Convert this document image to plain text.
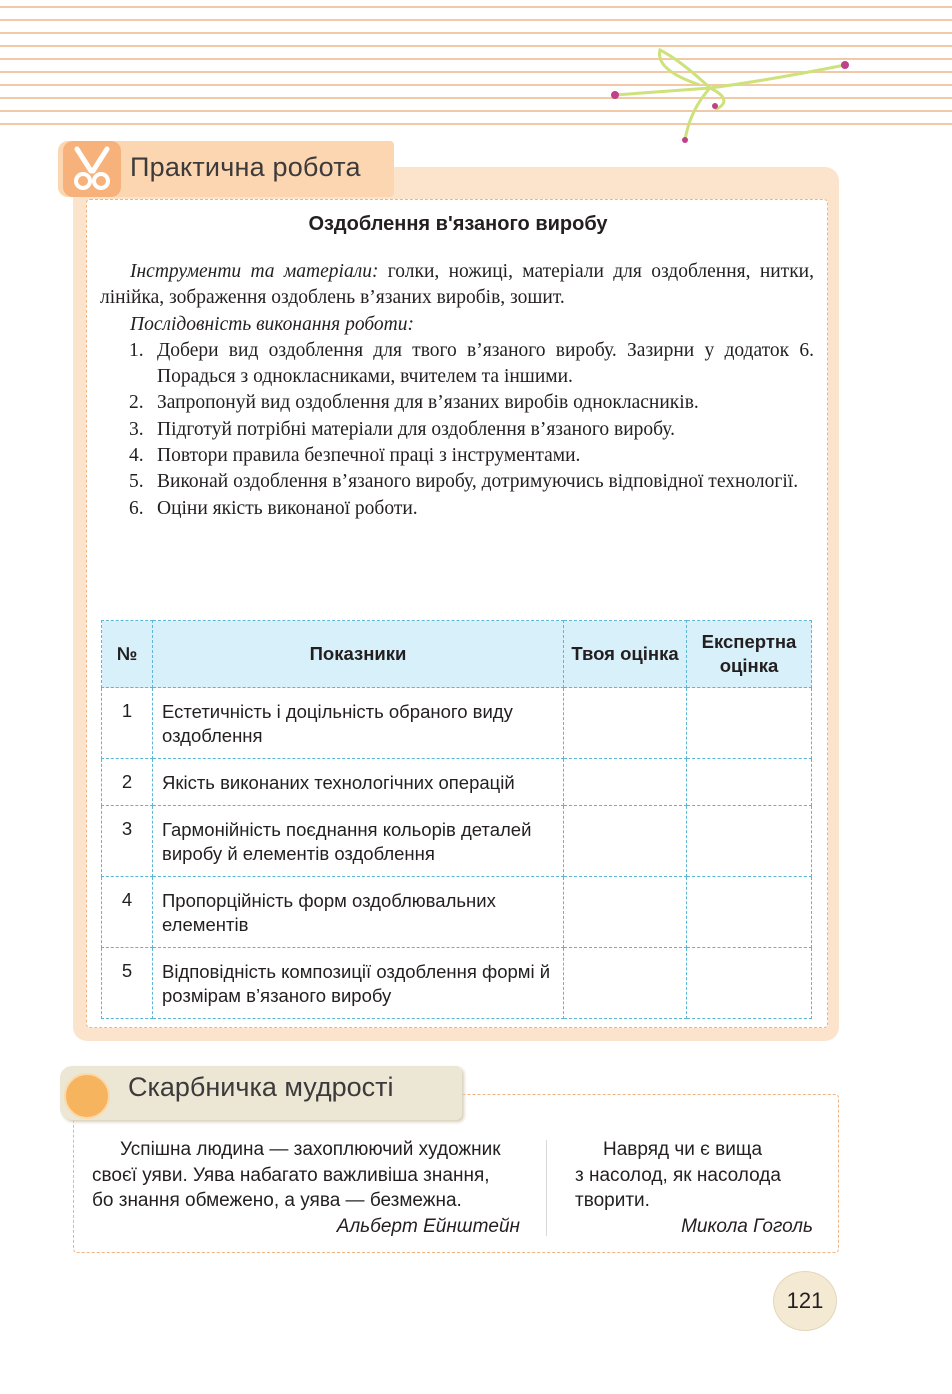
Практична робота
Оздоблення в'язаного виробу

Інструменти та матеріали: голки, ножиці, матеріали для оздоблення, нитки, лінійка, зображення оздоблень в’язаних виробів, зошит.

Послідовність виконання роботи:

1. Добери вид оздоблення для твого в’язаного виробу. Зазирни у додаток 6. Порадься з однокласниками, вчителем та іншими.
2. Запропонуй вид оздоблення для в’язаних виробів однокласників.
3. Підготуй потрібні матеріали для оздоблення в’язаного виробу.
4. Повтори правила безпечної праці з інструментами.
5. Виконай оздоблення в’язаного виробу, дотримуючись відповідної технології.
6. Оціни якість виконаної роботи.
№	Показники	Твоя оцінка	Експертна оцінка
1	Естетичність і доцільність обраного виду оздоблення		
2	Якість виконаних технологічних операцій		
3	Гармонійність поєднання кольорів деталей виробу й елементів оздоблення		
4	Пропорційність форм оздоблювальних елементів		
5	Відповідність композиції оздоблення формі й розмірам в’язаного виробу		
Скарбничка мудрості
Успішна людина — захоплюючий художник
своєї уяви. Уява набагато важливіша знання,
бо знання обмежено, а уява — безмежна.
Альберт Ейнштейн
Навряд чи є вища
з насолод, як насолода
творити.
Микола Гоголь
121
